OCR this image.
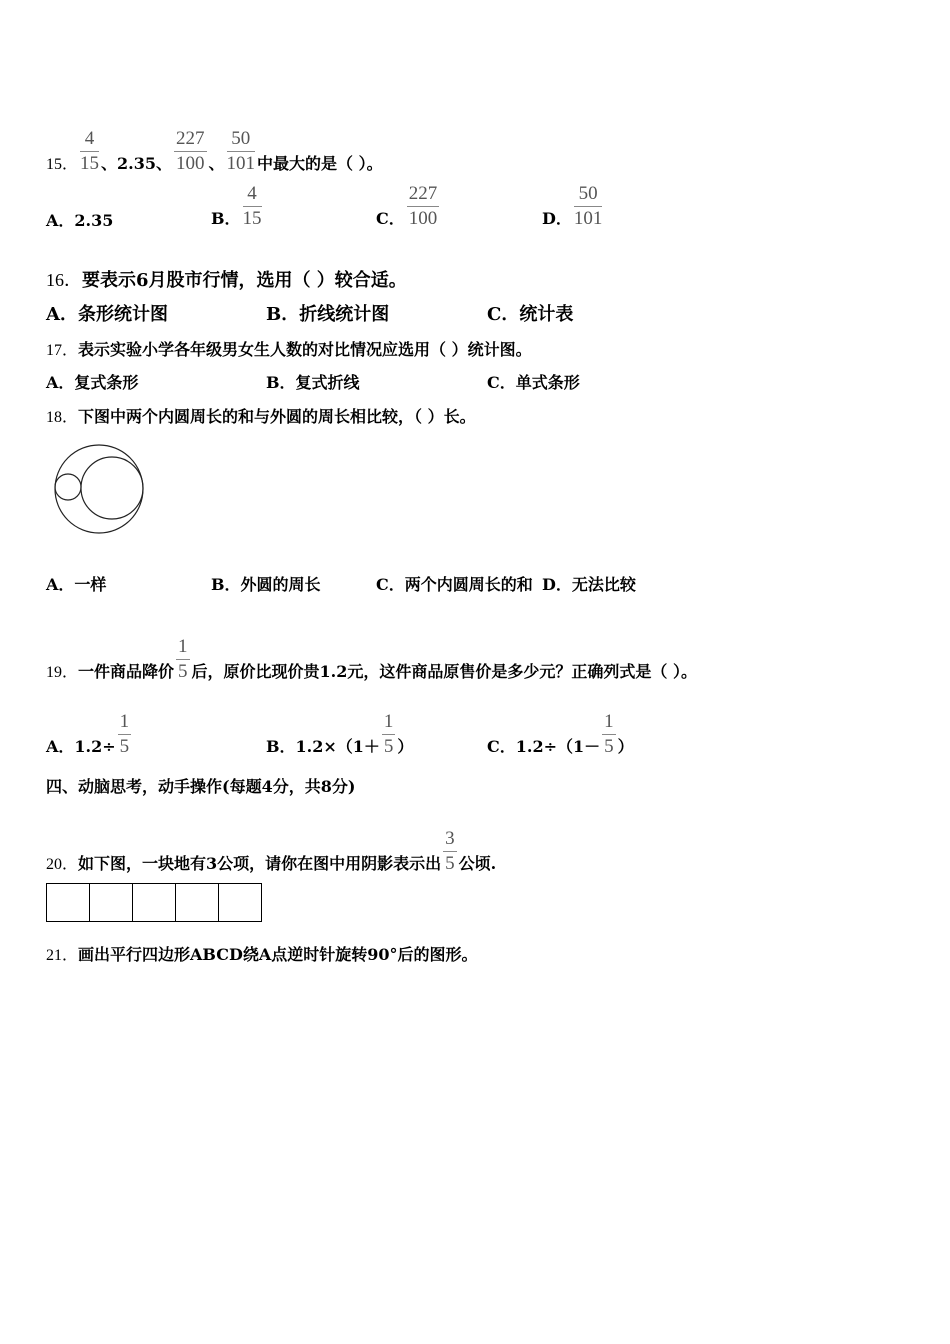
15． $\frac{4}{15}$ 、2.35、 $\frac{227}{100}$ 、 $\frac{50}{101}$ 中最大的是（ ）。
A．2.35	B． $\frac{4}{15}$	C． $\frac{227}{100}$	D． $\frac{50}{101}$
16．要表示6月股市行情，选用（ ）较合适。
A．条形统计图	B．折线统计图	C．统计表
17．表示实验小学各年级男女生人数的对比情况应选用（ ）统计图。
A．复式条形	B．复式折线	C．单式条形
18．下图中两个内圆周长的和与外圆的周长相比较，（ ）长。
A．一样	B．外圆的周长	C．两个内圆周长的和 D．无法比较
19．一件商品降价 $\frac{1}{5}$ 后，原价比现价贵1.2元，这件商品原售价是多少元？正确列式是（ ）。
A．$1.2\div \frac{1}{5}$	B．$1.2\times(1+ \frac{1}{5}$ ）	C．$1.2\div(1- \frac{1}{5}$ ）
四、动脑思考，动手操作(每题4分，共8分)
20．如下图，一块地有3公项，请你在图中用阴影表示出 $\frac{3}{5}$ 公顷.
21．画出平行四边形ABCD绕A点逆时针旋转90°后的图形。
